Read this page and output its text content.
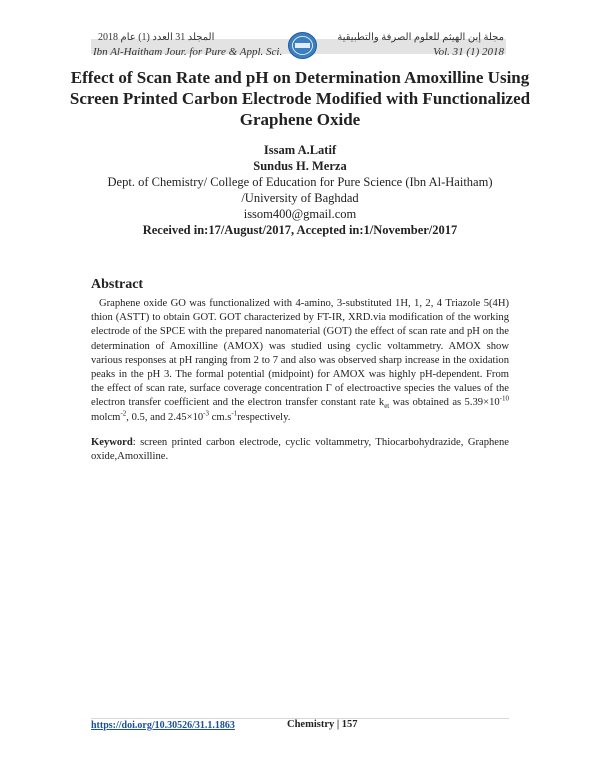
المجلد 31 العدد (1) عام 2018	مجلة إبن الهيثم للعلوم الصرفة والتطبيقية
Ibn Al-Haitham Jour. for Pure & Appl. Sci.	Vol. 31 (1) 2018
Effect of Scan Rate and pH on Determination Amoxilline Using Screen Printed Carbon Electrode Modified with Functionalized Graphene Oxide
Issam A.Latif
Sundus H. Merza
Dept. of Chemistry/ College of Education for Pure Science (Ibn Al-Haitham)
/University of Baghdad
issom400@gmail.com
Received in:17/August/2017, Accepted in:1/November/2017
Abstract
Graphene oxide GO was functionalized with 4-amino, 3-substituted 1H, 1, 2, 4 Triazole 5(4H) thion (ASTT) to obtain GOT. GOT characterized by FT-IR, XRD.via modification of the working electrode of the SPCE with the prepared nanomaterial (GOT) the effect of scan rate and pH on the determination of Amoxilline (AMOX) was studied using cyclic voltammetry. AMOX show various responses at pH ranging from 2 to 7 and also was observed sharp increase in the oxidation peaks in the pH 3. The formal potential (midpoint) for AMOX was highly pH-dependent. From the effect of scan rate, surface coverage concentration Γ of electroactive species the values of the electron transfer coefficient and the electron transfer constant rate $k_{et}$ was obtained as $5.39\times 10^{-10}$ molcm$^{-2}$, 0.5, and $2.45\times 10^{-3}$ $cm.s^{-1}respectively$.
Keyword: screen printed carbon electrode, cyclic voltammetry, Thiocarbohydrazide, Graphene oxide,Amoxilline.
https://doi.org/10.30526/31.1.1863	Chemistry | 157
